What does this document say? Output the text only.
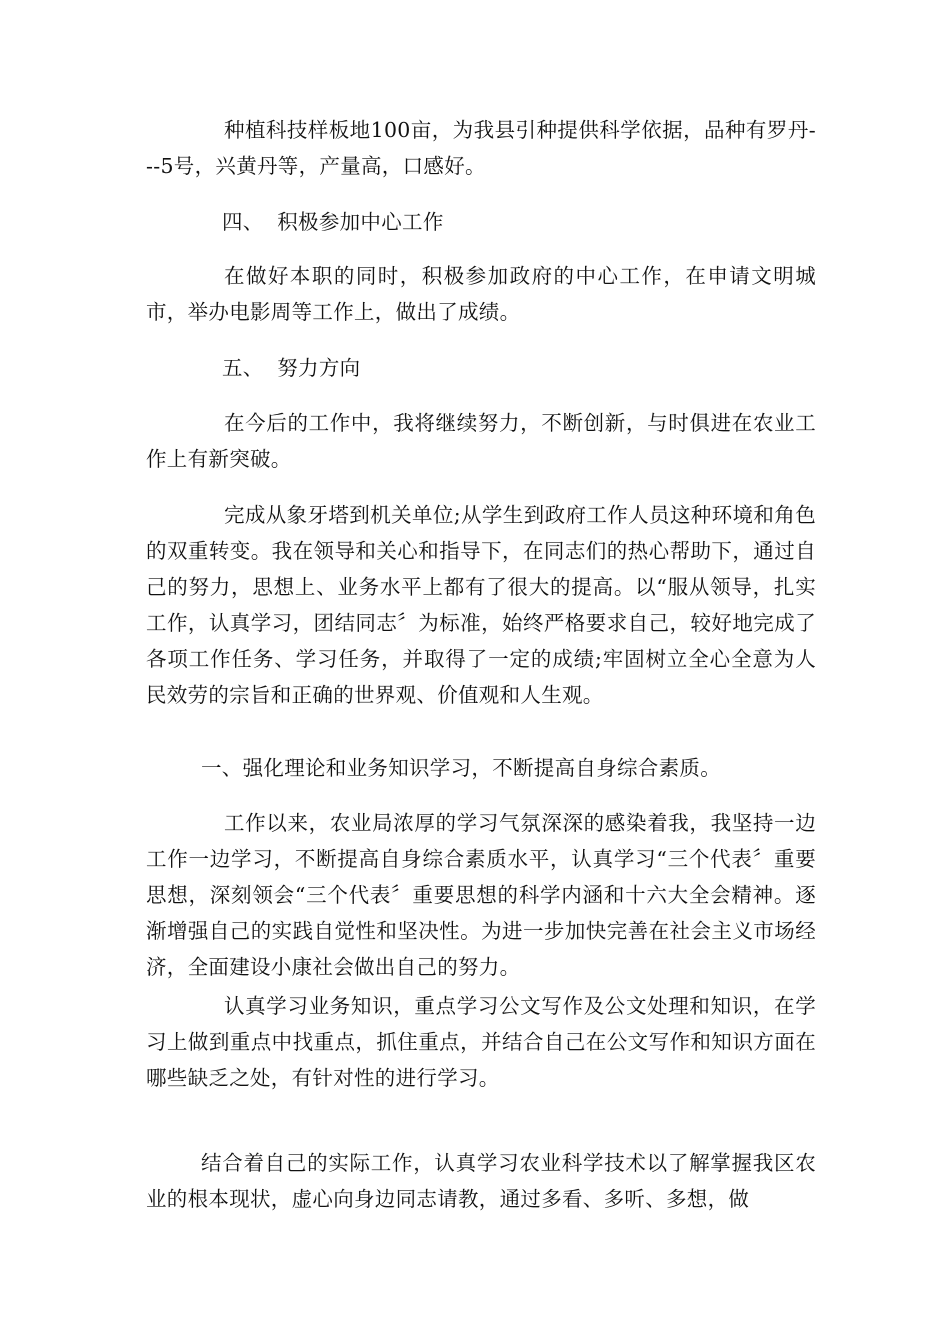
种植科技样板地100亩，为我县引种提供科学依据，品种有罗丹---5号，兴黄丹等，产量高，口感好。

四、  积极参加中心工作

在做好本职的同时，积极参加政府的中心工作，在申请文明城市，举办电影周等工作上，做出了成绩。

五、  努力方向

在今后的工作中，我将继续努力，不断创新，与时俱进在农业工作上有新突破。

完成从象牙塔到机关单位;从学生到政府工作人员这种环境和角色的双重转变。我在领导和关心和指导下，在同志们的热心帮助下，通过自己的努力，思想上、业务水平上都有了很大的提高。以“服从领导，扎实工作，认真学习，团结同志〞为标准，始终严格要求自己，较好地完成了各项工作任务、学习任务，并取得了一定的成绩;牢固树立全心全意为人民效劳的宗旨和正确的世界观、价值观和人生观。

一、强化理论和业务知识学习，不断提高自身综合素质。

工作以来，农业局浓厚的学习气氛深深的感染着我，我坚持一边工作一边学习，不断提高自身综合素质水平，认真学习“三个代表〞重要思想，深刻领会“三个代表〞重要思想的科学内涵和十六大全会精神。逐渐增强自己的实践自觉性和坚决性。为进一步加快完善在社会主义市场经济，全面建设小康社会做出自己的努力。

认真学习业务知识，重点学习公文写作及公文处理和知识，在学习上做到重点中找重点，抓住重点，并结合自己在公文写作和知识方面在哪些缺乏之处，有针对性的进行学习。

结合着自己的实际工作，认真学习农业科学技术以了解掌握我区农业的根本现状，虚心向身边同志请教，通过多看、多听、多想，做
